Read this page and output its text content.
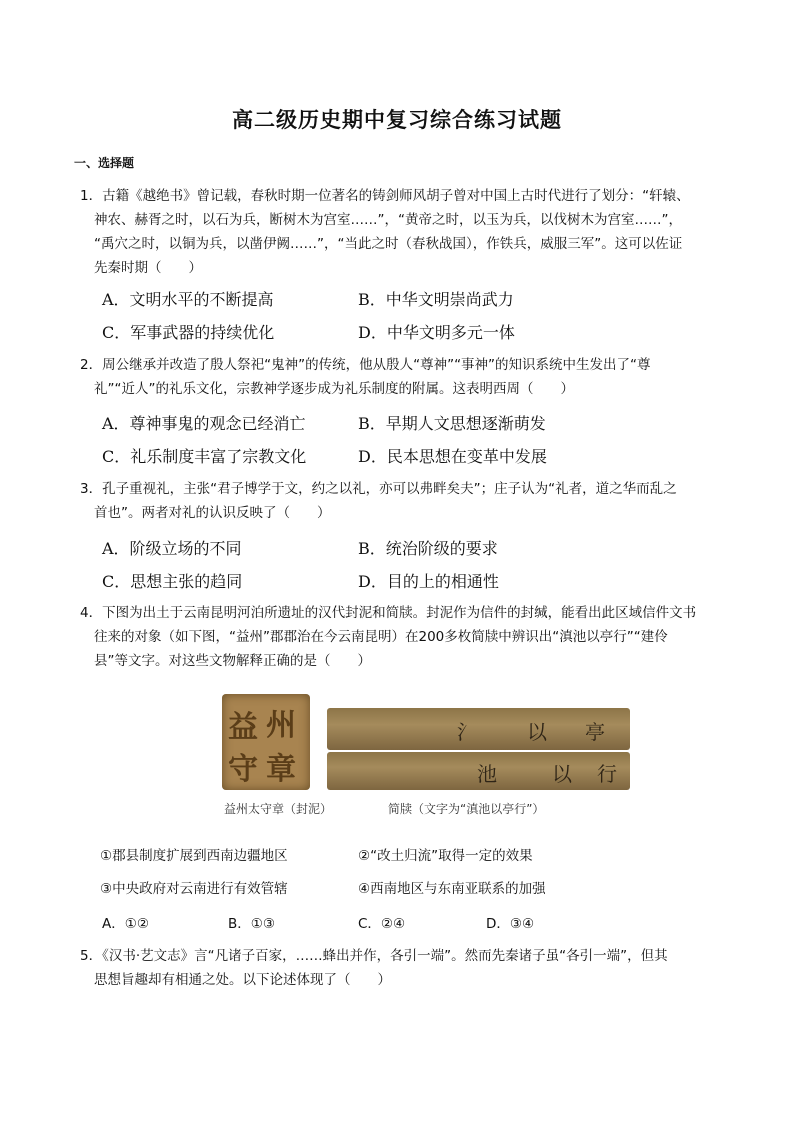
高二级历史期中复习综合练习试题
一、选择题
1．古籍《越绝书》曾记载，春秋时期一位著名的铸剑师风胡子曾对中国上古时代进行了划分：“轩辕、
神农、赫胥之时，以石为兵，断树木为宫室……”，“黄帝之时，以玉为兵，以伐树木为宫室……”，
“禹穴之时，以铜为兵，以凿伊阙……”，“当此之时（春秋战国），作铁兵，威服三军”。这可以佐证
先秦时期（　　）
A．文明水平的不断提高	B．中华文明崇尚武力
C．军事武器的持续优化	D．中华文明多元一体
2．周公继承并改造了殷人祭祀“鬼神”的传统，他从殷人“尊神”“事神”的知识系统中生发出了“尊
礼”“近人”的礼乐文化，宗教神学逐步成为礼乐制度的附属。这表明西周（　　）
A．尊神事鬼的观念已经消亡	B．早期人文思想逐渐萌发
C．礼乐制度丰富了宗教文化	D．民本思想在变革中发展
3．孔子重视礼，主张“君子博学于文，约之以礼，亦可以弗畔矣夫”；庄子认为“礼者，道之华而乱之
首也”。两者对礼的认识反映了（　　）
A．阶级立场的不同	B．统治阶级的要求
C．思想主张的趋同	D．目的上的相通性
4．下图为出土于云南昆明河泊所遗址的汉代封泥和简牍。封泥作为信件的封缄，能看出此区域信件文书
往来的对象（如下图，“益州”郡郡治在今云南昆明）在200多枚简牍中辨识出“滇池以亭行”“建伶
县”等文字。对这些文物解释正确的是（　　）
益 州
守 章
氵	以 亭
池	以 行
益州太守章（封泥）	简牍（文字为“滇池以亭行”）
①郡县制度扩展到西南边疆地区	②“改土归流”取得一定的效果
③中央政府对云南进行有效管辖	④西南地区与东南亚联系的加强
A．①②	B．①③	C．②④	D．③④
5．《汉书·艺文志》言“凡诸子百家，……蜂出并作，各引一端”。然而先秦诸子虽“各引一端”，但其
思想旨趣却有相通之处。以下论述体现了（　　）
